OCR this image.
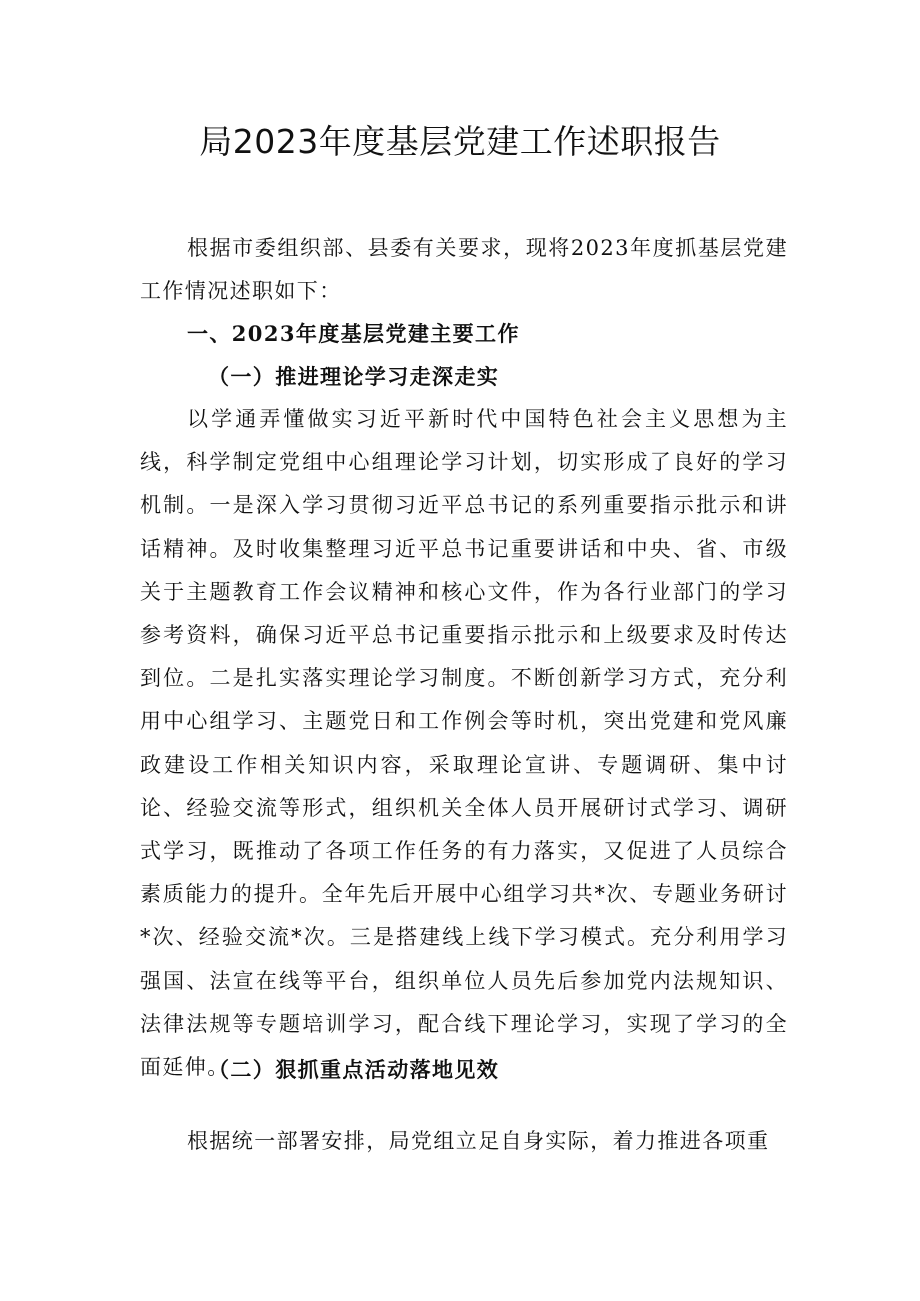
局2023年度基层党建工作述职报告

根据市委组织部、县委有关要求，现将2023年度抓基层党建工作情况述职如下：

一、2023年度基层党建主要工作
（一）推进理论学习走深走实

以学通弄懂做实习近平新时代中国特色社会主义思想为主线，科学制定党组中心组理论学习计划，切实形成了良好的学习机制。一是深入学习贯彻习近平总书记的系列重要指示批示和讲话精神。及时收集整理习近平总书记重要讲话和中央、省、市级关于主题教育工作会议精神和核心文件，作为各行业部门的学习参考资料，确保习近平总书记重要指示批示和上级要求及时传达到位。二是扎实落实理论学习制度。不断创新学习方式，充分利用中心组学习、主题党日和工作例会等时机，突出党建和党风廉政建设工作相关知识内容，采取理论宣讲、专题调研、集中讨论、经验交流等形式，组织机关全体人员开展研讨式学习、调研式学习，既推动了各项工作任务的有力落实，又促进了人员综合素质能力的提升。全年先后开展中心组学习共*次、专题业务研讨*次、经验交流*次。三是搭建线上线下学习模式。充分利用学习强国、法宣在线等平台，组织单位人员先后参加党内法规知识、法律法规等专题培训学习，配合线下理论学习，实现了学习的全面延伸。

（二）狠抓重点活动落地见效

根据统一部署安排，局党组立足自身实际，着力推进各项重
